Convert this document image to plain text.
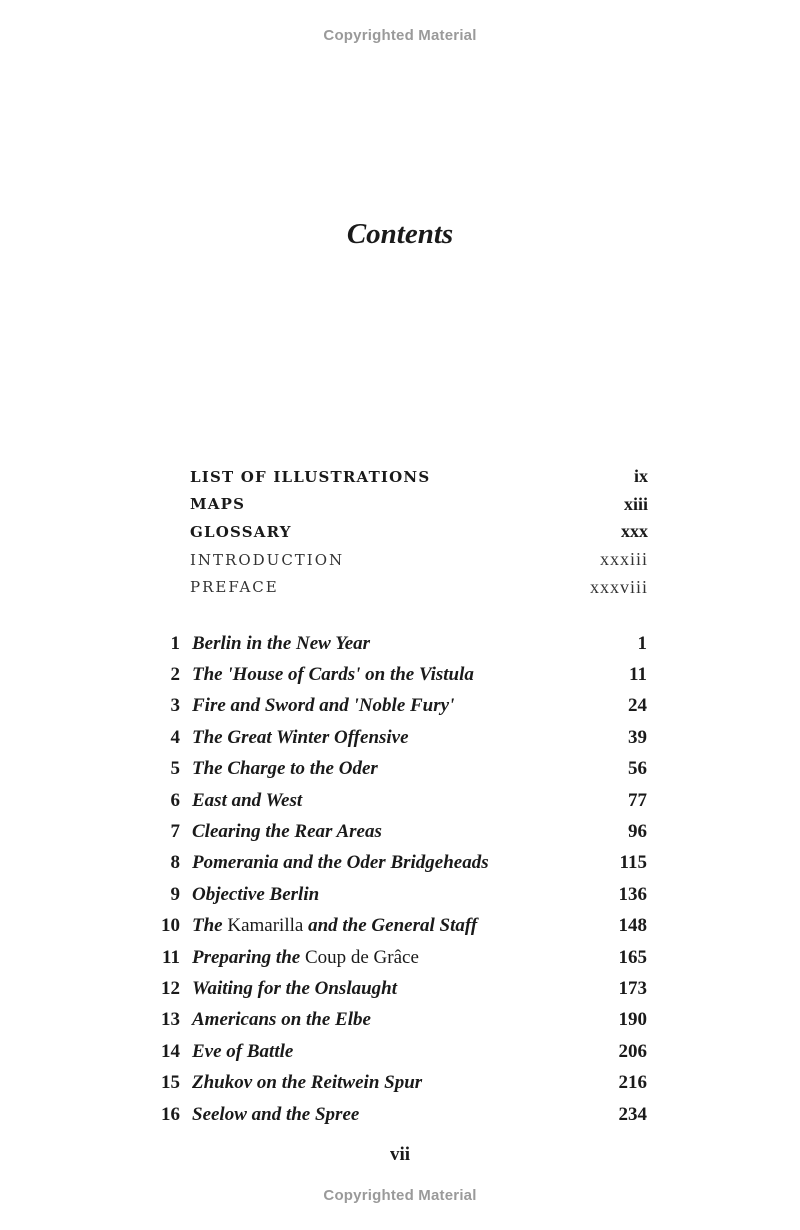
Copyrighted Material
Contents
LIST OF ILLUSTRATIONS	ix
MAPS	xiii
GLOSSARY	xxx
INTRODUCTION	xxxiii
PREFACE	xxxviii
1 Berlin in the New Year	1
2 The 'House of Cards' on the Vistula	11
3 Fire and Sword and 'Noble Fury'	24
4 The Great Winter Offensive	39
5 The Charge to the Oder	56
6 East and West	77
7 Clearing the Rear Areas	96
8 Pomerania and the Oder Bridgeheads	115
9 Objective Berlin	136
10 The Kamarilla and the General Staff	148
11 Preparing the Coup de Grâce	165
12 Waiting for the Onslaught	173
13 Americans on the Elbe	190
14 Eve of Battle	206
15 Zhukov on the Reitwein Spur	216
16 Seelow and the Spree	234
vii
Copyrighted Material
